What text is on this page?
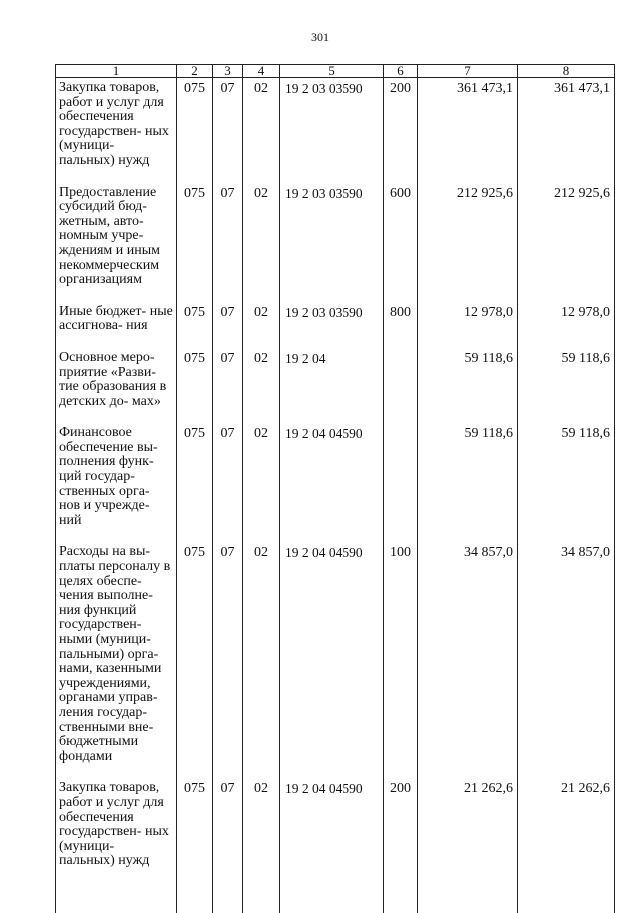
301
1	2	3	4	5	6	7	8
Закупка товаров, работ и услуг для обеспечения государствен- ных (муници- пальных) нужд	075	07	02	19 2 03 03590	200	361 473,1	361 473,1
Предоставление субсидий бюд- жетным, авто- номным учре- ждениям и иным некоммерческим организациям	075	07	02	19 2 03 03590	600	212 925,6	212 925,6
Иные бюджет- ные ассигнова- ния	075	07	02	19 2 03 03590	800	12 978,0	12 978,0
Основное меро- приятие «Разви- тие образования в детских до- мах»	075	07	02	19 2 04		59 118,6	59 118,6
Финансовое обеспечение вы- полнения функ- ций государ- ственных орга- нов и учрежде- ний	075	07	02	19 2 04 04590		59 118,6	59 118,6
Расходы на вы- платы персоналу в целях обеспе- чения выполне- ния функций государствен- ными (муници- пальными) орга- нами, казенными учреждениями, органами управ- ления государ- ственными вне- бюджетными фондами	075	07	02	19 2 04 04590	100	34 857,0	34 857,0
Закупка товаров, работ и услуг для обеспечения государствен- ных (муници- пальных) нужд	075	07	02	19 2 04 04590	200	21 262,6	21 262,6
